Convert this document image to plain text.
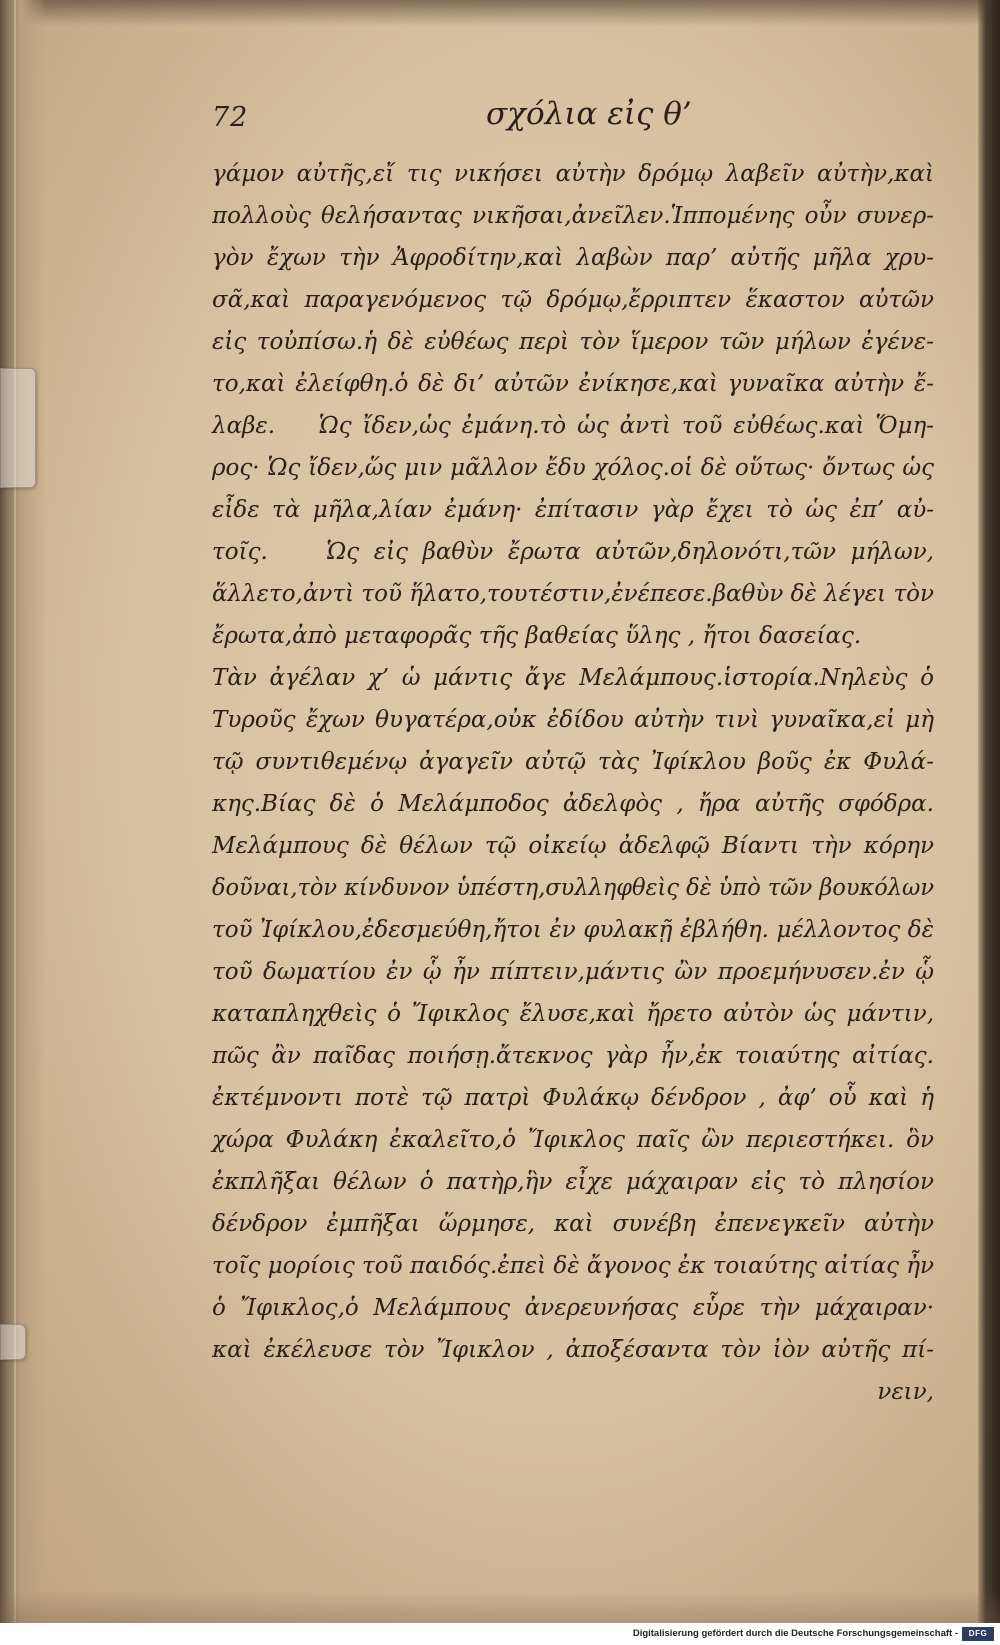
72	σχόλια εἰς θ’
γάμον αὐτῆς,εἴ τις νικήσει αὐτὴν δρόμῳ λαβεῖν αὐτὴν,καὶ
πολλοὺς θελήσαντας νικῆσαι,ἀνεῖλεν.Ἱππομένης οὖν συνερ-
γὸν ἔχων τὴν Ἀφροδίτην,καὶ λαβὼν παρ’ αὐτῆς μῆλα χρυ-
σᾶ,καὶ παραγενόμενος τῷ δρόμῳ,ἔρριπτεν ἕκαστον αὐτῶν
εἰς τοὐπίσω.ἡ δὲ εὐθέως περὶ τὸν ἵμερον τῶν μήλων ἐγένε-
το,καὶ ἐλείφθη.ὁ δὲ δι’ αὐτῶν ἐνίκησε,καὶ γυναῖκα αὐτὴν ἔ-
λαβε.    Ὡς ἴδεν,ὡς ἐμάνη.τὸ ὡς ἀντὶ τοῦ εὐθέως.καὶ Ὅμη-
ρος· Ὡς ἴδεν,ὥς μιν μᾶλλον ἔδυ χόλος.οἱ δὲ οὕτως· ὄντως ὡς
εἶδε τὰ μῆλα,λίαν ἐμάνη· ἐπίτασιν γὰρ ἔχει τὸ ὡς ἐπ’ αὐ-
τοῖς.    Ὡς εἰς βαθὺν ἔρωτα αὐτῶν,δηλονότι,τῶν μήλων,
ἅλλετο,ἀντὶ τοῦ ἥλατο,τουτέστιν,ἐνέπεσε.βαθὺν δὲ λέγει τὸν
ἔρωτα,ἀπὸ μεταφορᾶς τῆς βαθείας ὕλης , ἤτοι δασείας.
Τὰν ἀγέλαν χ’ ὡ μάντις ἄγε Μελάμπους.ἱστορία.Νηλεὺς ὁ
Τυροῦς ἔχων θυγατέρα,οὐκ ἐδίδου αὐτὴν τινὶ γυναῖκα,εἰ μὴ
τῷ συντιθεμένῳ ἀγαγεῖν αὐτῷ τὰς Ἰφίκλου βοῦς ἐκ Φυλά-
κης.Βίας δὲ ὁ Μελάμποδος ἀδελφὸς , ἤρα αὐτῆς σφόδρα.
Μελάμπους δὲ θέλων τῷ οἰκείῳ ἀδελφῷ Βίαντι τὴν κόρην
δοῦναι,τὸν κίνδυνον ὑπέστη,συλληφθεὶς δὲ ὑπὸ τῶν βουκόλων
τοῦ Ἰφίκλου,ἐδεσμεύθη,ἤτοι ἐν φυλακῇ ἐβλήθη. μέλλοντος δὲ
τοῦ δωματίου ἐν ᾧ ἦν πίπτειν,μάντις ὢν προεμήνυσεν.ἐν ᾧ
καταπληχθεὶς ὁ Ἴφικλος ἔλυσε,καὶ ἤρετο αὐτὸν ὡς μάντιν,
πῶς ἂν παῖδας ποιήσῃ.ἄτεκνος γὰρ ἦν,ἐκ τοιαύτης αἰτίας.
ἐκτέμνοντι ποτὲ τῷ πατρὶ Φυλάκῳ δένδρον , ἀφ’ οὗ καὶ ἡ
χώρα Φυλάκη ἐκαλεῖτο,ὁ Ἴφικλος παῖς ὢν περιεστήκει. ὃν
ἐκπλῆξαι θέλων ὁ πατὴρ,ἣν εἶχε μάχαιραν εἰς τὸ πλησίον
δένδρον ἐμπῆξαι ὥρμησε, καὶ συνέβη ἐπενεγκεῖν αὐτὴν
τοῖς μορίοις τοῦ παιδός.ἐπεὶ δὲ ἄγονος ἐκ τοιαύτης αἰτίας ἦν
ὁ Ἴφικλος,ὁ Μελάμπους ἀνερευνήσας εὗρε τὴν μάχαιραν·
καὶ ἐκέλευσε τὸν Ἴφικλον , ἀποξέσαντα τὸν ἰὸν αὐτῆς πί-
νειν,
Digitalisierung gefördert durch die Deutsche Forschungsgemeinschaft -	DFG
